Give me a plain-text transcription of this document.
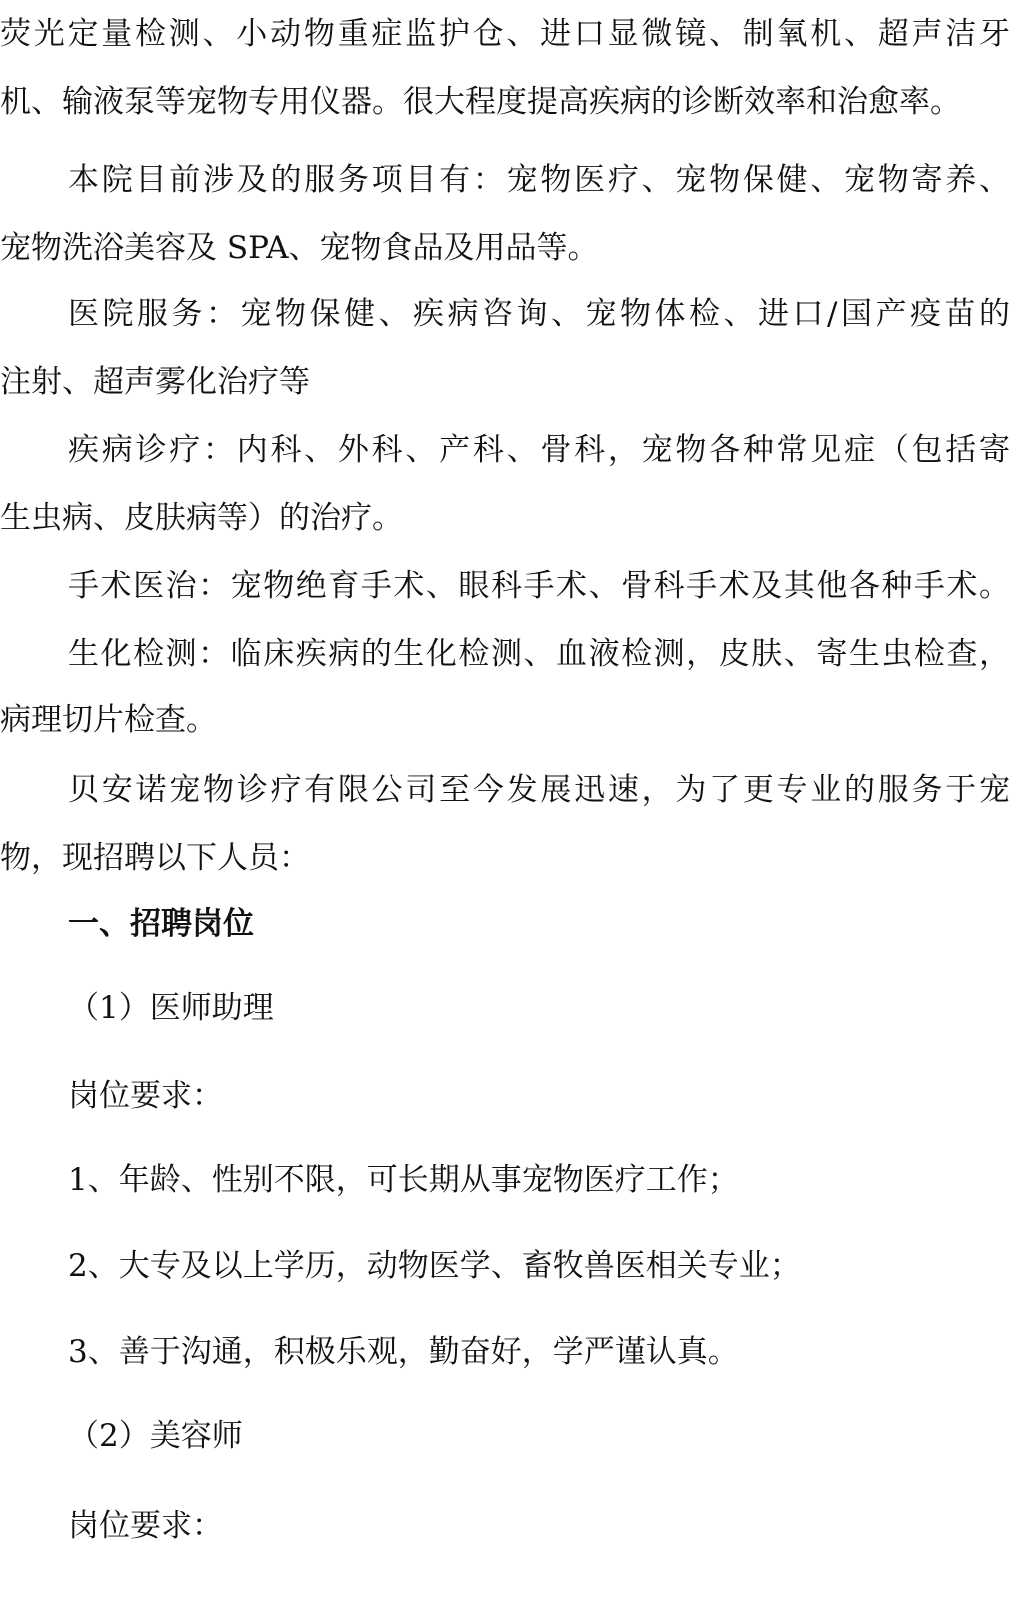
荧光定量检测、小动物重症监护仓、进口显微镜、制氧机、超声洁牙
机、输液泵等宠物专用仪器。很大程度提高疾病的诊断效率和治愈率。
本院目前涉及的服务项目有：宠物医疗、宠物保健、宠物寄养、
宠物洗浴美容及 SPA、宠物食品及用品等。
医院服务：宠物保健、疾病咨询、宠物体检、进口/国产疫苗的
注射、超声雾化治疗等
疾病诊疗：内科、外科、产科、骨科，宠物各种常见症（包括寄
生虫病、皮肤病等）的治疗。
手术医治：宠物绝育手术、眼科手术、骨科手术及其他各种手术。
生化检测：临床疾病的生化检测、血液检测，皮肤、寄生虫检查，
病理切片检查。
贝安诺宠物诊疗有限公司至今发展迅速，为了更专业的服务于宠
物，现招聘以下人员：
一、招聘岗位
（1）医师助理
岗位要求：
1、年龄、性别不限，可长期从事宠物医疗工作；
2、大专及以上学历，动物医学、畜牧兽医相关专业；
3、善于沟通，积极乐观，勤奋好，学严谨认真。
（2）美容师
岗位要求：
